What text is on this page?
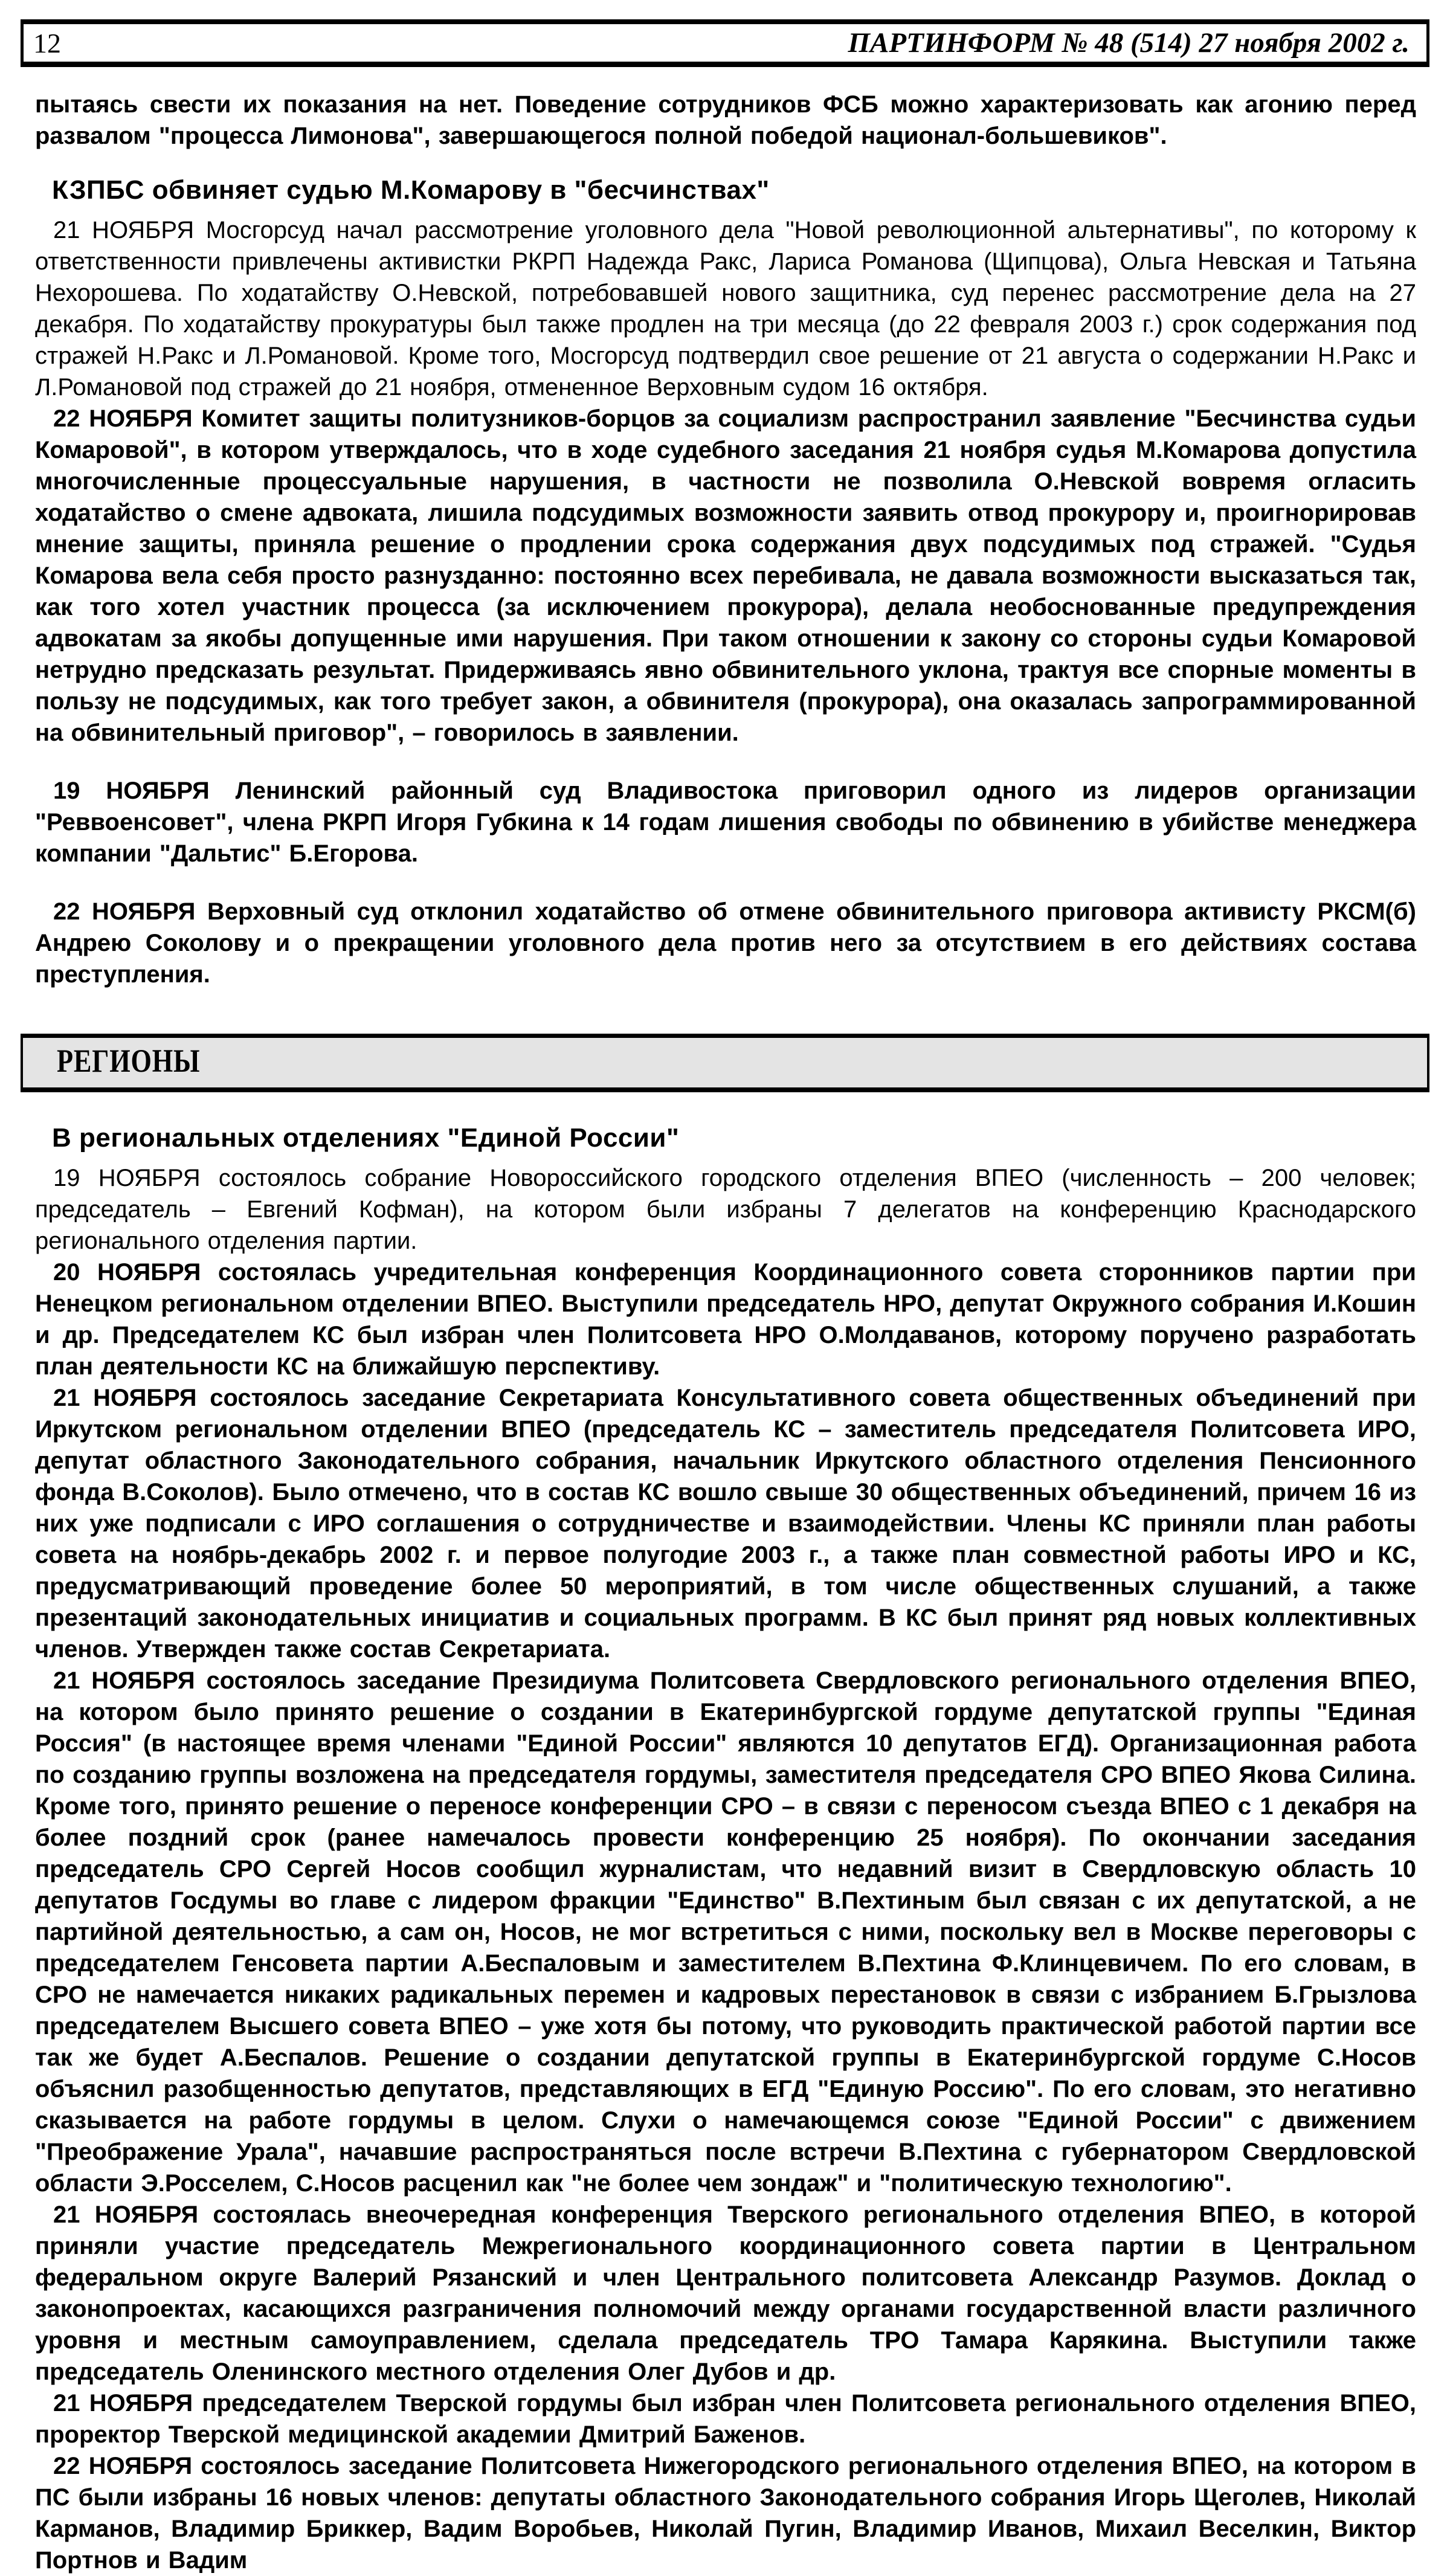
12	ПАРТИНФОРМ № 48 (514) 27 ноября 2002 г.

пытаясь свести их показания на нет. Поведение сотрудников ФСБ можно характеризовать как агонию перед развалом "процесса Лимонова", завершающегося полной победой национал-большевиков".

КЗПБС обвиняет судью М.Комарову в "бесчинствах"

21 НОЯБРЯ Мосгорсуд начал рассмотрение уголовного дела "Новой революционной альтернативы", по которому к ответственности привлечены активистки РКРП Надежда Ракс, Лариса Романова (Щипцова), Ольга Невская и Татьяна Нехорошева. По ходатайству О.Невской, потребовавшей нового защитника, суд перенес рассмотрение дела на 27 декабря. По ходатайству прокуратуры был также продлен на три месяца (до 22 февраля 2003 г.) срок содержания под стражей Н.Ракс и Л.Романовой. Кроме того, Мосгорсуд подтвердил свое решение от 21 августа о содержании Н.Ракс и Л.Романовой под стражей до 21 ноября, отмененное Верховным судом 16 октября.

22 НОЯБРЯ Комитет защиты политузников-борцов за социализм распространил заявление "Бесчинства судьи Комаровой", в котором утверждалось, что в ходе судебного заседания 21 ноября судья М.Комарова допустила многочисленные процессуальные нарушения, в частности не позволила О.Невской вовремя огласить ходатайство о смене адвоката, лишила подсудимых возможности заявить отвод прокурору и, проигнорировав мнение защиты, приняла решение о продлении срока содержания двух подсудимых под стражей. "Судья Комарова вела себя просто разнузданно: постоянно всех перебивала, не давала возможности высказаться так, как того хотел участник процесса (за исключением прокурора), делала необоснованные предупреждения адвокатам за якобы допущенные ими нарушения. При таком отношении к закону со стороны судьи Комаровой нетрудно предсказать результат. Придерживаясь явно обвинительного уклона, трактуя все спорные моменты в пользу не подсудимых, как того требует закон, а обвинителя (прокурора), она оказалась запрограммированной на обвинительный приговор", – говорилось в заявлении.

19 НОЯБРЯ Ленинский районный суд Владивостока приговорил одного из лидеров организации "Реввоенсовет", члена РКРП Игоря Губкина к 14 годам лишения свободы по обвинению в убийстве менеджера компании "Дальтис" Б.Егорова.

22 НОЯБРЯ Верховный суд отклонил ходатайство об отмене обвинительного приговора активисту РКСМ(б) Андрею Соколову и о прекращении уголовного дела против него за отсутствием в его действиях состава преступления.

РЕГИОНЫ
В региональных отделениях "Единой России"

19 НОЯБРЯ состоялось собрание Новороссийского городского отделения ВПЕО (численность – 200 человек; председатель – Евгений Кофман), на котором были избраны 7 делегатов на конференцию Краснодарского регионального отделения партии.

20 НОЯБРЯ состоялась учредительная конференция Координационного совета сторонников партии при Ненецком региональном отделении ВПЕО. Выступили председатель НРО, депутат Окружного собрания И.Кошин и др. Председателем КС был избран член Политсовета НРО О.Молдаванов, которому поручено разработать план деятельности КС на ближайшую перспективу.

21 НОЯБРЯ состоялось заседание Секретариата Консультативного совета общественных объединений при Иркутском региональном отделении ВПЕО (председатель КС – заместитель председателя Политсовета ИРО, депутат областного Законодательного собрания, начальник Иркутского областного отделения Пенсионного фонда В.Соколов). Было отмечено, что в состав КС вошло свыше 30 общественных объединений, причем 16 из них уже подписали с ИРО соглашения о сотрудничестве и взаимодействии. Члены КС приняли план работы совета на ноябрь-декабрь 2002 г. и первое полугодие 2003 г., а также план совместной работы ИРО и КС, предусматривающий проведение более 50 мероприятий, в том числе общественных слушаний, а также презентаций законодательных инициатив и социальных программ. В КС был принят ряд новых коллективных членов. Утвержден также состав Секретариата.

21 НОЯБРЯ состоялось заседание Президиума Политсовета Свердловского регионального отделения ВПЕО, на котором было принято решение о создании в Екатеринбургской гордуме депутатской группы "Единая Россия" (в настоящее время членами "Единой России" являются 10 депутатов ЕГД). Организационная работа по созданию группы возложена на председателя гордумы, заместителя председателя СРО ВПЕО Якова Силина. Кроме того, принято решение о переносе конференции СРО – в связи с переносом съезда ВПЕО с 1 декабря на более поздний срок (ранее намечалось провести конференцию 25 ноября). По окончании заседания председатель СРО Сергей Носов сообщил журналистам, что недавний визит в Свердловскую область 10 депутатов Госдумы во главе с лидером фракции "Единство" В.Пехтиным был связан с их депутатской, а не партийной деятельностью, а сам он, Носов, не мог встретиться с ними, поскольку вел в Москве переговоры с председателем Генсовета партии А.Беспаловым и заместителем В.Пехтина Ф.Клинцевичем. По его словам, в СРО не намечается никаких радикальных перемен и кадровых перестановок в связи с избранием Б.Грызлова председателем Высшего совета ВПЕО – уже хотя бы потому, что руководить практической работой партии все так же будет А.Беспалов. Решение о создании депутатской группы в Екатеринбургской гордуме С.Носов объяснил разобщенностью депутатов, представляющих в ЕГД "Единую Россию". По его словам, это негативно сказывается на работе гордумы в целом. Слухи о намечающемся союзе "Единой России" с движением "Преображение Урала", начавшие распространяться после встречи В.Пехтина с губернатором Свердловской области Э.Росселем, С.Носов расценил как "не более чем зондаж" и "политическую технологию".

21 НОЯБРЯ состоялась внеочередная конференция Тверского регионального отделения ВПЕО, в которой приняли участие председатель Межрегионального координационного совета партии в Центральном федеральном округе Валерий Рязанский и член Центрального политсовета Александр Разумов. Доклад о законопроектах, касающихся разграничения полномочий между органами государственной власти различного уровня и местным самоуправлением, сделала председатель ТРО Тамара Карякина. Выступили также председатель Оленинского местного отделения Олег Дубов и др.

21 НОЯБРЯ председателем Тверской гордумы был избран член Политсовета регионального отделения ВПЕО, проректор Тверской медицинской академии Дмитрий Баженов.

22 НОЯБРЯ состоялось заседание Политсовета Нижегородского регионального отделения ВПЕО, на котором в ПС были избраны 16 новых членов: депутаты областного Законодательного собрания Игорь Щеголев, Николай Карманов, Владимир Бриккер, Вадим Воробьев, Николай Пугин, Владимир Иванов, Михаил Веселкин, Виктор Портнов и Вадим
